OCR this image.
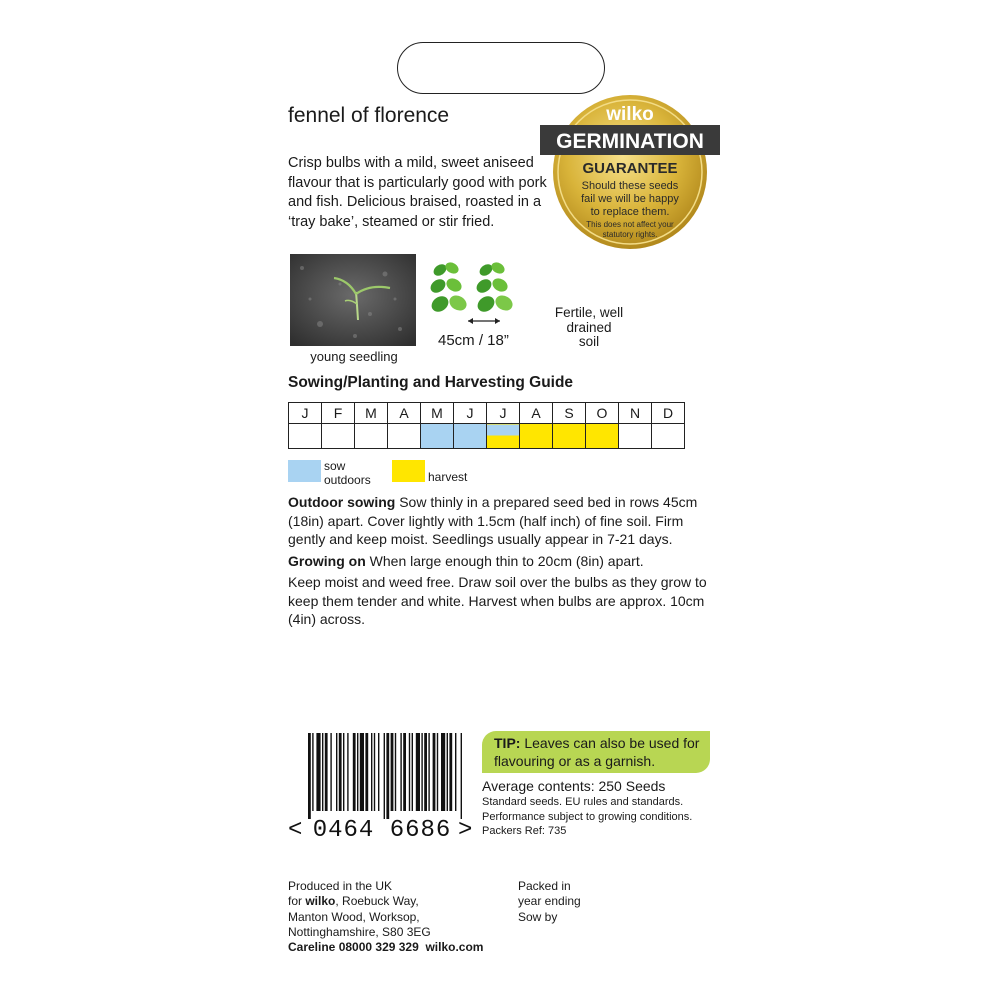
fennel of florence
Crisp bulbs with a mild, sweet aniseed flavour that is particularly good with pork and fish. Delicious braised, roasted in a ‘tray bake’, steamed or stir fried.
wilko
GERMINATION
GUARANTEE
Should these seeds
fail we will be happy
to replace them.
This does not affect your
statutory rights.
young seedling
45cm / 18”
Fertile, well
drained
soil
Sowing/Planting and Harvesting Guide
J	F	M	A	M	J	J	A	S	O	N	D

sow outdoors	harvest

Outdoor sowing Sow thinly in a prepared seed bed in rows 45cm (18in) apart. Cover lightly with 1.5cm (half inch) of fine soil. Firm gently and keep moist. Seedlings usually appear in 7-21 days.

Growing on When large enough thin to 20cm (8in) apart.

Keep moist and weed free. Draw soil over the bulbs as they grow to keep them tender and white. Harvest when bulbs are approx. 10cm (4in) across.

< 0464 6686 >
TIP: Leaves can also be used for flavouring or as a garnish.
Average contents: 250 Seeds
Standard seeds. EU rules and standards.
Performance subject to growing conditions.
Packers Ref: 735
Produced in the UK
for wilko, Roebuck Way,
Manton Wood, Worksop,
Nottinghamshire, S80 3EG
Careline 08000 329 329 wilko.com
Packed in
year ending
Sow by
